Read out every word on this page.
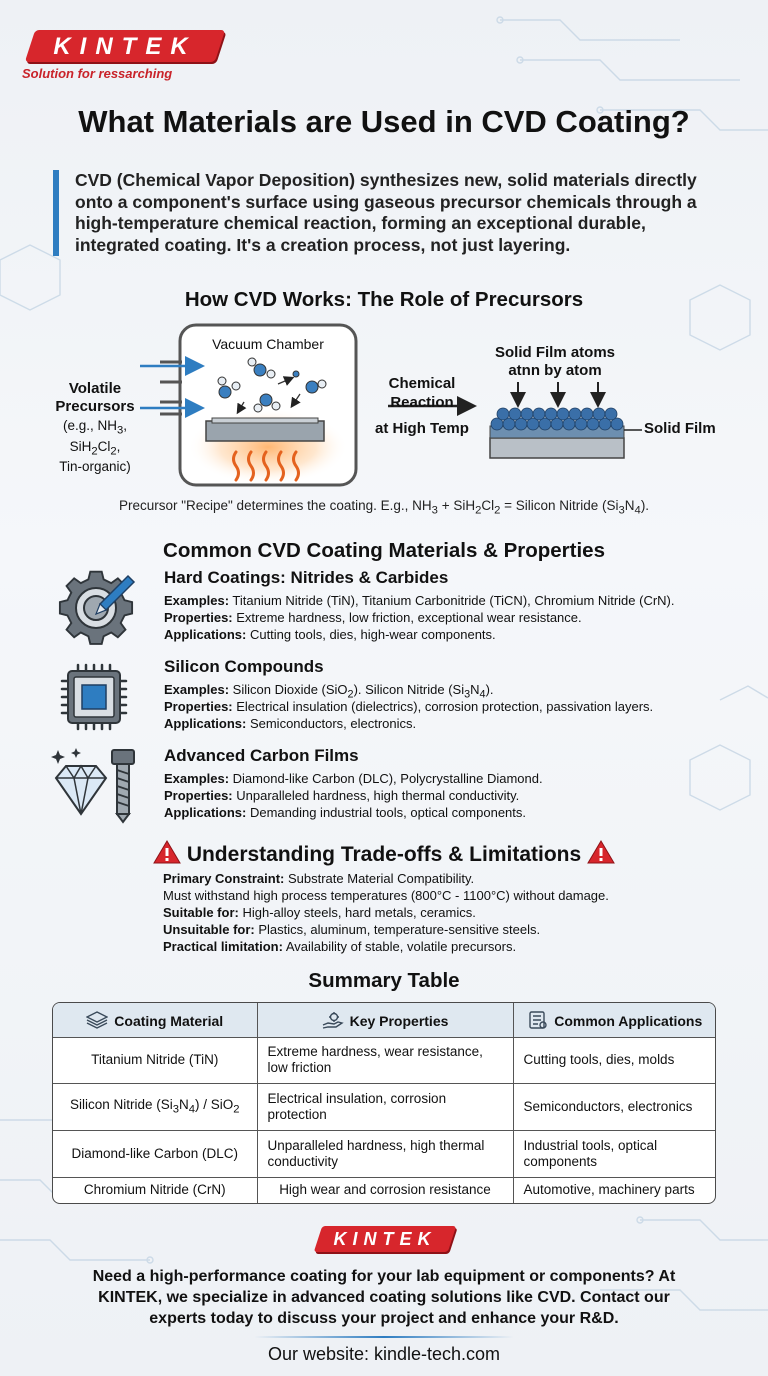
KINTEK
Solution for ressarching
What Materials are Used in CVD Coating?
CVD (Chemical Vapor Deposition) synthesizes new, solid materials directly onto a component's surface using gaseous precursor chemicals through a high-temperature chemical reaction, forming an exceptional durable, integrated coating. It's a creation process, not just layering.
How CVD Works: The Role of Precursors
Vacuum Chamber
Volatile
Precursors
(e.g., $NH_3$,
$SiH_2Cl_2$,
Tin-organic)
Chemical
Reaction
at High Temp
Solid Film atoms
atnn by atom
Solid Film
Precursor "Recipe" determines the coating. E.g., $NH_3 + SiH_2Cl_2$ = Silicon Nitride $(Si_3N_4)$.
Common CVD Coating Materials & Properties
Hard Coatings: Nitrides & Carbides
Examples: Titanium Nitride (TiN), Titanium Carbonitride (TiCN), Chromium Nitride (CrN).
Properties: Extreme hardness, low friction, exceptional wear resistance.
Applications: Cutting tools, dies, high-wear components.
Silicon Compounds
Examples: Silicon Dioxide (SiO$_2$). Silicon Nitride $(Si_3N_4)$.
Properties: Electrical insulation (dielectrics), corrosion protection, passivation layers.
Applications: Semiconductors, electronics.
Advanced Carbon Films
Examples: Diamond-like Carbon (DLC), Polycrystalline Diamond.
Properties: Unparalleled hardness, high thermal conductivity.
Applications: Demanding industrial tools, optical components.
Understanding Trade-offs & Limitations
Primary Constraint: Substrate Material Compatibility.
Must withstand high process temperatures (800°C - 1100°C) without damage.
Suitable for: High-alloy steels, hard metals, ceramics.
Unsuitable for: Plastics, aluminum, temperature-sensitive steels.
Practical limitation: Availability of stable, volatile precursors.
Summary Table
Coating Material	Key Properties	Common Applications
Titanium Nitride (TiN)	Extreme hardness, wear resistance, low friction	Cutting tools, dies, molds
Silicon Nitride $(Si_3N_4) / SiO_2$	Electrical insulation, corrosion protection	Semiconductors, electronics
Diamond-like Carbon (DLC)	Unparalleled hardness, high thermal conductivity	Industrial tools, optical components
Chromium Nitride (CrN)	High wear and corrosion resistance	Automotive, machinery parts
KINTEK
Need a high-performance coating for your lab equipment or components? At KINTEK, we specialize in advanced coating solutions like CVD. Contact our experts today to discuss your project and enhance your R&D.
Our website: kindle-tech.com
